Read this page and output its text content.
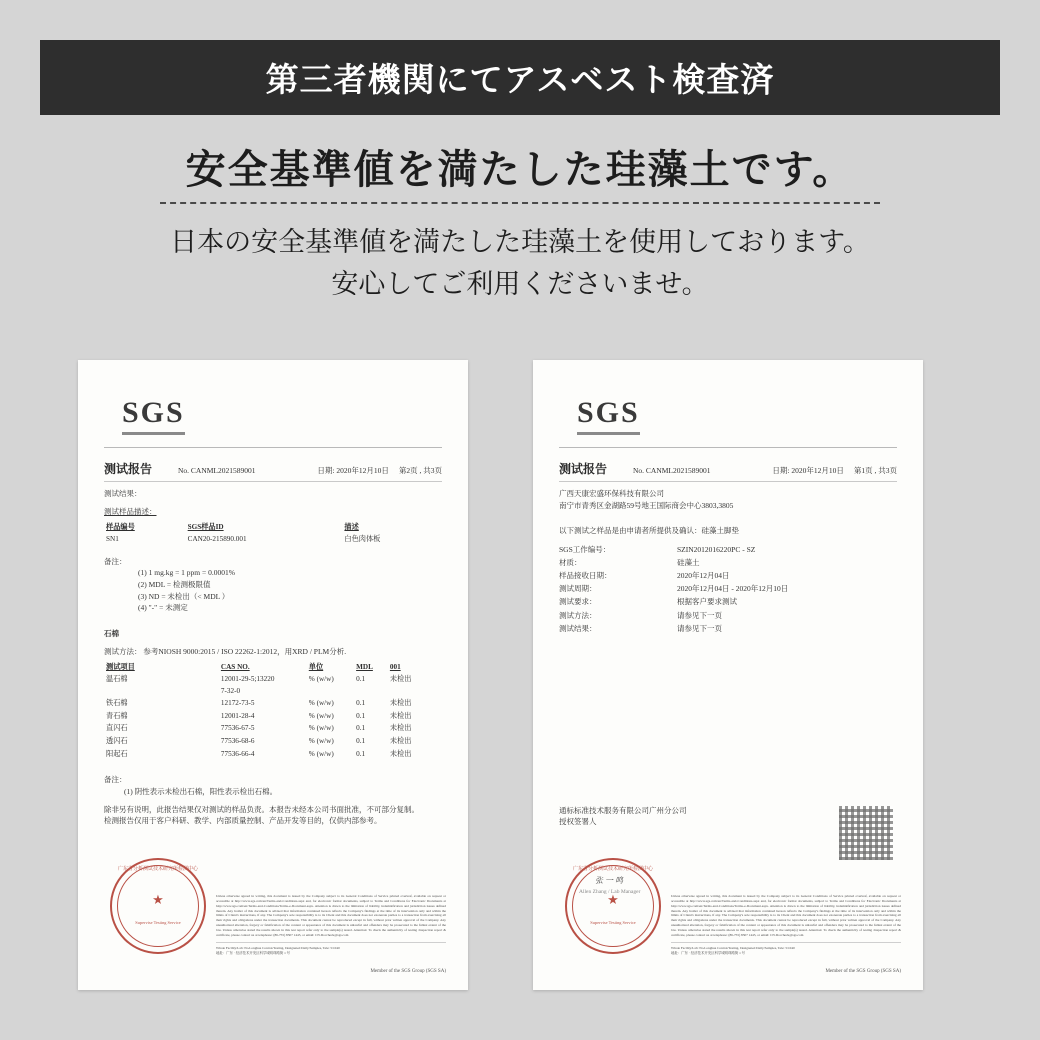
第三者機関にてアスベスト検査済
安全基準値を満たした珪藻土です。
日本の安全基準値を満たした珪藻土を使用しております。
安心してご利用くださいませ。
SGS
测试报告	No. CANML2021589001	日期: 2020年12月10日 第2页 , 共3页
测试结果：
测试样品描述：
样品编号	SGS样品ID	描述
SN1	CAN20-215890.001	白色肉体板
备注：
(1) 1 mg.kg = 1 ppm = 0.0001%
(2) MDL = 检测极限值
(3) ND = 未检出（< MDL ）
(4) "-" = 未测定
石棉
测试方法： 参考NIOSH 9000:2015 / ISO 22262-1:2012，用XRD / PLM分析.
测试项目	CAS NO.	单位	MDL	001
温石棉	12001-29-5;13220	% (w/w)	0.1	未检出
	7-32-0			
铁石棉	12172-73-5	% (w/w)	0.1	未检出
青石棉	12001-28-4	% (w/w)	0.1	未检出
直闪石	77536-67-5	% (w/w)	0.1	未检出
透闪石	77536-68-6	% (w/w)	0.1	未检出
阳起石	77536-66-4	% (w/w)	0.1	未检出
备注：
(1) 阴性表示未检出石棉，阳性表示检出石棉。
除非另有说明，此报告结果仅对测试的样品负责。本报告未经本公司书面批准，不可部分复制。
检测报告仅用于客户科研、教学、内部质量控制、产品开发等目的，仅供内部参考。
Unless otherwise agreed in writing, this document is issued by the Company subject to its General Conditions of Service printed overleaf, available on request or accessible at http://www.sgs.com/en/Terms-and-Conditions.aspx and, for electronic format documents, subject to Terms and Conditions for Electronic Documents at http://www.sgs.com/en/Terms-and-Conditions/Terms-e-Document.aspx. Attention is drawn to the limitation of liability, indemnification and jurisdiction issues defined therein. Any holder of this document is advised that information contained hereon reflects the Company's findings at the time of its intervention only and within the limits of Client's instructions, if any. The Company's sole responsibility is to its Client and this document does not exonerate parties to a transaction from exercising all their rights and obligations under the transaction documents. This document cannot be reproduced except in full, without prior written approval of the Company. Any unauthorized alteration, forgery or falsification of the content or appearance of this document is unlawful and offenders may be prosecuted to the fullest extent of the law. Unless otherwise stated the results shown in this test report refer only to the sample(s) tested. Attention: To check the authenticity of testing /inspection report & certificate, please contact us at telephone: (86-755) 8307 1443, or email: CN.Doccheck@sgs.com
Whole Facility/Lab: No.Longhua Control/Testing, Designated Daily/Samples, Tele: 5/1040
地址：广东 · 经济技术开发区科学城明珠路街 1 号
广东省分析测试技术研究所检测中心
★
Supervise Testing Service
Member of the SGS Group (SGS SA)
SGS
测试报告	No. CANML2021589001	日期: 2020年12月10日 第1页 , 共3页
广西天康宏盛环保科技有限公司
南宁市青秀区金湖路59号地王国际商会中心3803,3805
以下测试之样品是由申请者所提供及确认：硅藻土脚垫
SGS工作编号：	SZIN2012016220PC - SZ
材质：	硅藻土
样品接收日期：	2020年12月04日
测试周期：	2020年12月04日 - 2020年12月10日
测试要求：	根据客户要求测试
测试方法：	请参见下一页
测试结果：	请参见下一页
通标标准技术服务有限公司广州分公司
授权签署人
张 一 鸣
Allen Zhang / Lab Manager
Unless otherwise agreed in writing, this document is issued by the Company subject to its General Conditions of Service printed overleaf, available on request or accessible at http://www.sgs.com/en/Terms-and-Conditions.aspx and, for electronic format documents, subject to Terms and Conditions for Electronic Documents at http://www.sgs.com/en/Terms-and-Conditions/Terms-e-Document.aspx. Attention is drawn to the limitation of liability, indemnification and jurisdiction issues defined therein. Any holder of this document is advised that information contained hereon reflects the Company's findings at the time of its intervention only and within the limits of Client's instructions, if any. The Company's sole responsibility is to its Client and this document does not exonerate parties to a transaction from exercising all their rights and obligations under the transaction documents. This document cannot be reproduced except in full, without prior written approval of the Company. Any unauthorized alteration, forgery or falsification of the content or appearance of this document is unlawful and offenders may be prosecuted to the fullest extent of the law. Unless otherwise stated the results shown in this test report refer only to the sample(s) tested. Attention: To check the authenticity of testing /inspection report & certificate, please contact us at telephone: (86-755) 8307 1443, or email: CN.Doccheck@sgs.com
Whole Facility/Lab: No.Longhua Control/Testing, Designated Daily/Samples, Tele: 5/1040
地址：广东 · 经济技术开发区科学城明珠路街 1 号
广东省分析测试技术研究所检测中心
★
Supervise Testing Service
Member of the SGS Group (SGS SA)
